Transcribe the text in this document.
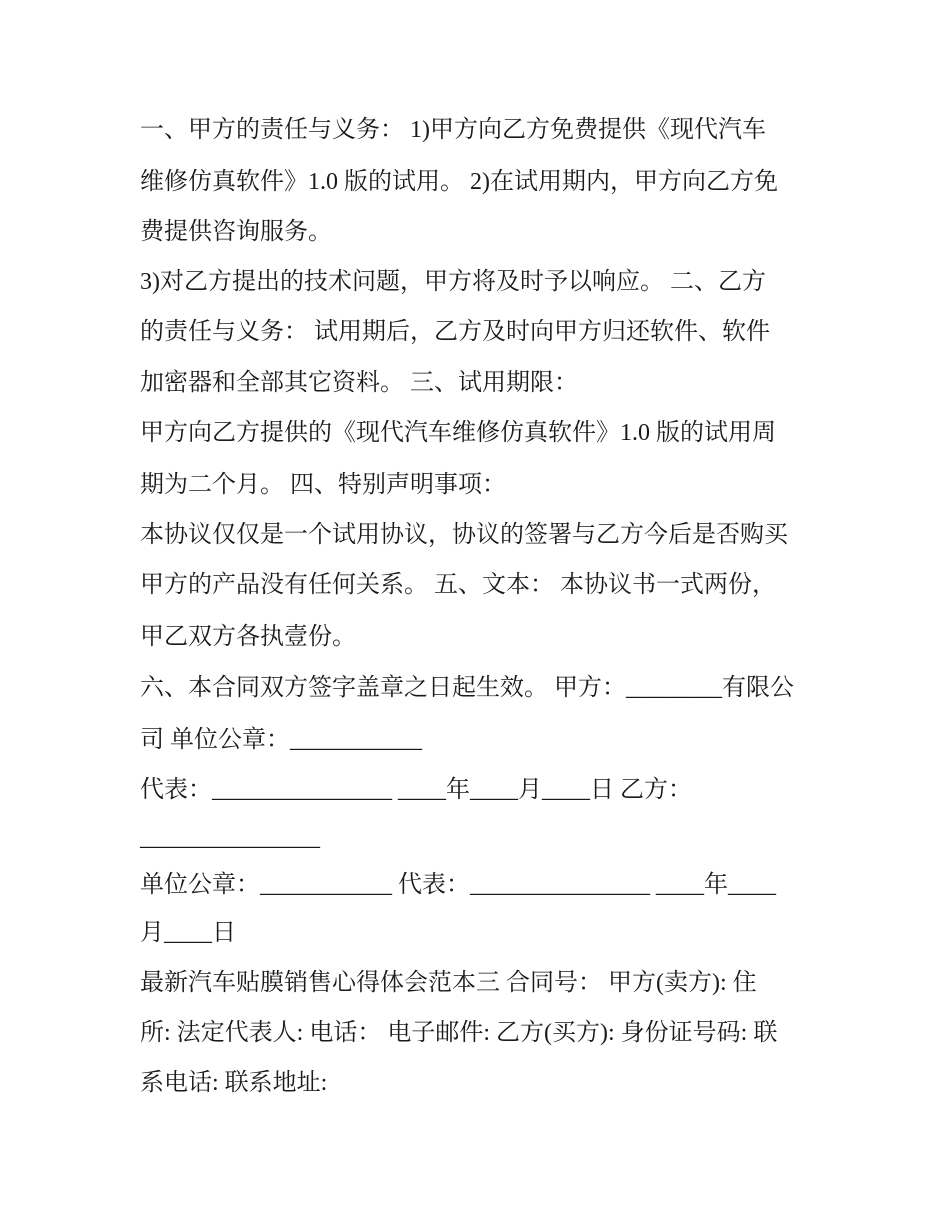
一、甲方的责任与义务： 1)甲方向乙方免费提供《现代汽车
维修仿真软件》1.0 版的试用。 2)在试用期内，甲方向乙方免
费提供咨询服务。
3)对乙方提出的技术问题，甲方将及时予以响应。 二、乙方
的责任与义务： 试用期后，乙方及时向甲方归还软件、软件
加密器和全部其它资料。 三、试用期限：
甲方向乙方提供的《现代汽车维修仿真软件》1.0 版的试用周
期为二个月。 四、特别声明事项：
本协议仅仅是一个试用协议，协议的签署与乙方今后是否购买
甲方的产品没有任何关系。 五、文本： 本协议书一式两份，
甲乙双方各执壹份。
六、本合同双方签字盖章之日起生效。 甲方：________有限公
司 单位公章：___________
代表：_______________ ____年____月____日 乙方：
_______________
单位公章：___________ 代表：_______________ ____年____
月____日
最新汽车贴膜销售心得体会范本三 合同号： 甲方(卖方): 住
所: 法定代表人: 电话： 电子邮件: 乙方(买方): 身份证号码: 联
系电话: 联系地址:
